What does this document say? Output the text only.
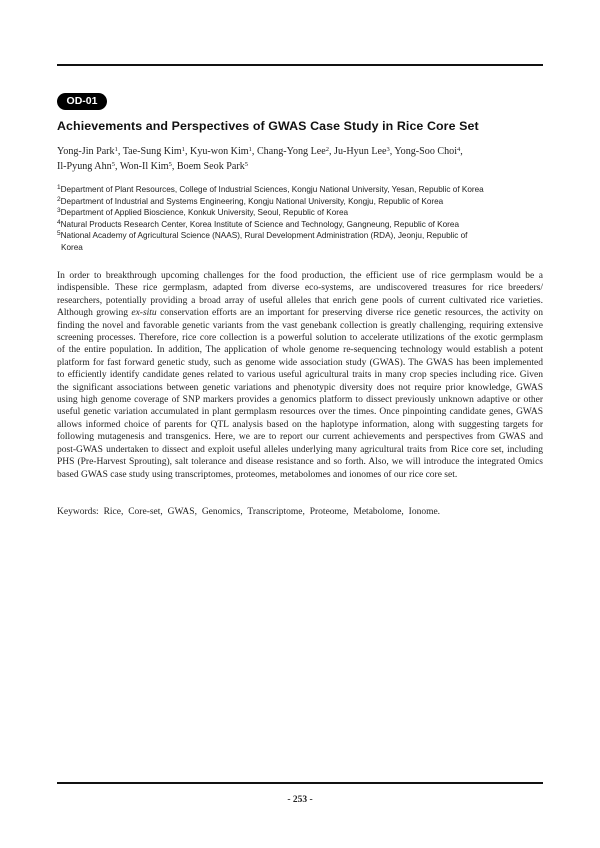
OD-01
Achievements and Perspectives of GWAS Case Study in Rice Core Set
Yong-Jin Park$^1$, Tae-Sung Kim$^1$, Kyu-won Kim$^1$, Chang-Yong Lee$^2$, Ju-Hyun Lee$^3$, Yong-Soo Choi$^4$,
Il-Pyung Ahn$^5$, Won-Il Kim$^5$, Boem Seok Park$^5$
$^1$Department of Plant Resources, College of Industrial Sciences, Kongju National University, Yesan, Republic of Korea
$^2$Department of Industrial and Systems Engineering, Kongju National University, Kongju, Republic of Korea
$^3$Department of Applied Bioscience, Konkuk University, Seoul, Republic of Korea
$^4$Natural Products Research Center, Korea Institute of Science and Technology, Gangneung, Republic of Korea
$^5$National Academy of Agricultural Science (NAAS), Rural Development Administration (RDA), Jeonju, Republic of
Korea
In order to breakthrough upcoming challenges for the food production, the efficient use of rice germplasm would be a
indispensible. These rice germplasm, adapted from diverse eco-systems, are undiscovered treasures for rice breeders/
researchers, potentially providing a broad array of useful alleles that enrich gene pools of current cultivated rice varieties.
Although growing ex-situ conservation efforts are an important for preserving diverse rice genetic resources, the activity on
finding the novel and favorable genetic variants from the vast genebank collection is greatly challenging, requiring extensive
screening processes. Therefore, rice core collection is a powerful solution to accelerate utilizations of the exotic germplasm
of the entire population. In addition, The application of whole genome re-sequencing technology would establish a potent
platform for fast forward genetic study, such as genome wide association study (GWAS). The GWAS has been implemented
to efficiently identify candidate genes related to various useful agricultural traits in many crop species including rice. Given
the significant associations between genetic variations and phenotypic diversity does not require prior knowledge, GWAS
using high genome coverage of SNP markers provides a genomics platform to dissect previously unknown adaptive or other
useful genetic variation accumulated in plant germplasm resources over the times. Once pinpointing candidate genes, GWAS
allows informed choice of parents for QTL analysis based on the haplotype information, along with suggesting targets for
following mutagenesis and transgenics. Here, we are to report our current achievements and perspectives from GWAS and
post-GWAS undertaken to dissect and exploit useful alleles underlying many agricultural traits from Rice core set, including
PHS (Pre-Harvest Sprouting), salt tolerance and disease resistance and so forth. Also, we will introduce the integrated Omics
based GWAS case study using transcriptomes, proteomes, metabolomes and ionomes of our rice core set.
Keywords: Rice, Core-set, GWAS, Genomics, Transcriptome, Proteome, Metabolome, Ionome.
- 253 -
